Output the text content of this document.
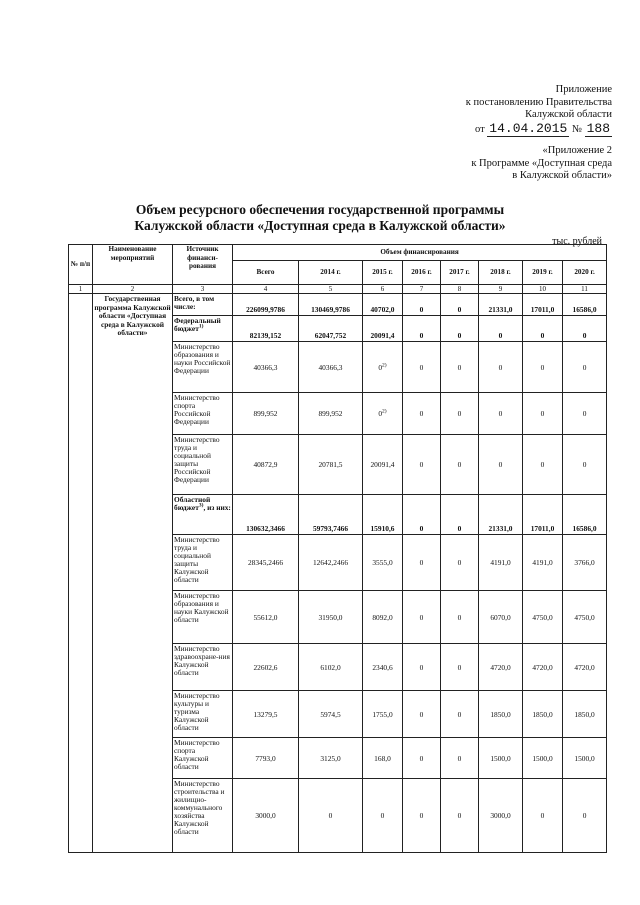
Приложение
к постановлению Правительства
Калужской области
от 14.04.2015 № 188
«Приложение 2
к Программе «Доступная среда
в Калужской области»
Объем ресурсного обеспечения государственной программы
Калужской области «Доступная среда в Калужской области»
тыс. рублей
№ п/п	Наименование мероприятий	Источник финанси-рования	Объем финансирования							
			Всего	2014 г.	2015 г.	2016 г.	2017 г.	2018 г.	2019 г.	2020 г.
1	2	3	4	5	6	7	8	9	10	11
	Государственная программа Калужской области «Доступная среда в Калужской области»	Всего, в том числе:	226099,9786	130469,9786	40702,0	0	0	21331,0	17011,0	16586,0
		Федеральный бюджет$^{1)}$	82139,152	62047,752	20091,4	0	0	0	0	0
		Министерство образования и науки Российской Федерации	40366,3	40366,3	0$^{2)}$	0	0	0	0	0
		Министерство спорта Российской Федерации	899,952	899,952	0$^{2)}$	0	0	0	0	0
		Министерство труда и социальной защиты Российской Федерации	40872,9	20781,5	20091,4	0	0	0	0	0
		Областной бюджет$^{3)}$, из них:	130632,3466	59793,7466	15910,6	0	0	21331,0	17011,0	16586,0
		Министерство труда и социальной защиты Калужской области	28345,2466	12642,2466	3555,0	0	0	4191,0	4191,0	3766,0
		Министерство образования и науки Калужской области	55612,0	31950,0	8092,0	0	0	6070,0	4750,0	4750,0
		Министерство здравоохране-ния Калужской области	22602,6	6102,0	2340,6	0	0	4720,0	4720,0	4720,0
		Министерство культуры и туризма Калужской области	13279,5	5974,5	1755,0	0	0	1850,0	1850,0	1850,0
		Министерство спорта Калужской области	7793,0	3125,0	168,0	0	0	1500,0	1500,0	1500,0
		Министерство строительства и жилищно-коммунального хозяйства Калужской области	3000,0	0	0	0	0	3000,0	0	0
